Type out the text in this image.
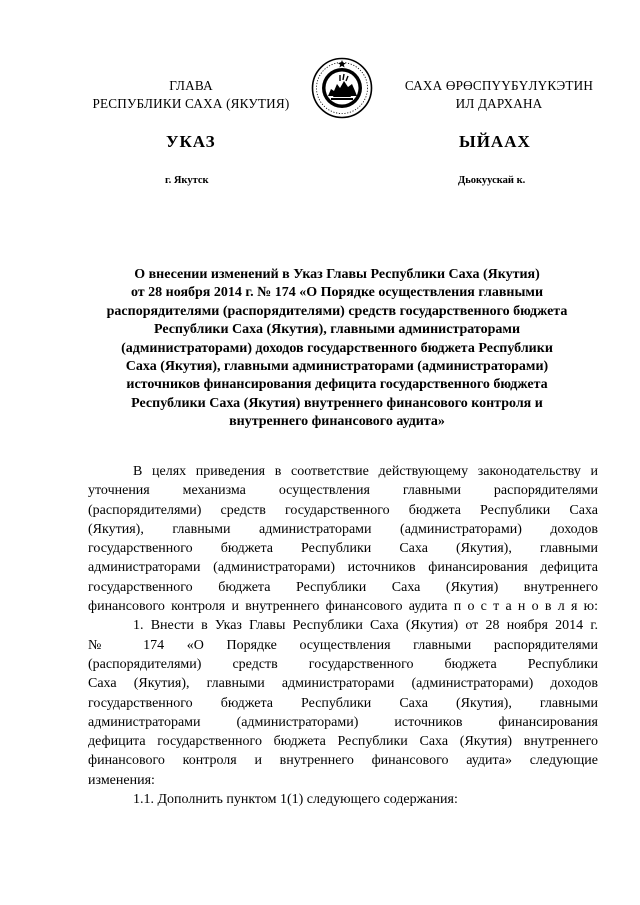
ГЛАВА
РЕСПУБЛИКИ САХА (ЯКУТИЯ)
САХА ӨРӨСПҮҮБҮЛҮКЭТИН
ИЛ ДАРХАНА
УКАЗ	ЫЙААХ
г. Якутск	Дьокуускай к.
О внесении изменений в Указ Главы Республики Саха (Якутия)
от 28 ноября 2014 г. № 174 «О Порядке осуществления главными
распорядителями (распорядителями) средств государственного бюджета
Республики Саха (Якутия), главными администраторами
(администраторами) доходов государственного бюджета Республики
Саха (Якутия), главными администраторами (администраторами)
источников финансирования дефицита государственного бюджета
Республики Саха (Якутия) внутреннего финансового контроля и
внутреннего финансового аудита»
В целях приведения в соответствие действующему законодательству и
уточнения механизма осуществления главными распорядителями
(распорядителями) средств государственного бюджета Республики Саха
(Якутия), главными администраторами (администраторами) доходов
государственного бюджета Республики Саха (Якутия), главными
администраторами (администраторами) источников финансирования дефицита
государственного бюджета Республики Саха (Якутия) внутреннего
финансового контроля и внутреннего финансового аудита п о с т а н о в л я ю:
1. Внести в Указ Главы Республики Саха (Якутия) от 28 ноября 2014 г.
№ 174 «О Порядке осуществления главными распорядителями
(распорядителями) средств государственного бюджета Республики
Саха (Якутия), главными администраторами (администраторами) доходов
государственного бюджета Республики Саха (Якутия), главными
администраторами (администраторами) источников финансирования
дефицита государственного бюджета Республики Саха (Якутия) внутреннего
финансового контроля и внутреннего финансового аудита» следующие
изменения:
1.1. Дополнить пунктом 1(1) следующего содержания:
